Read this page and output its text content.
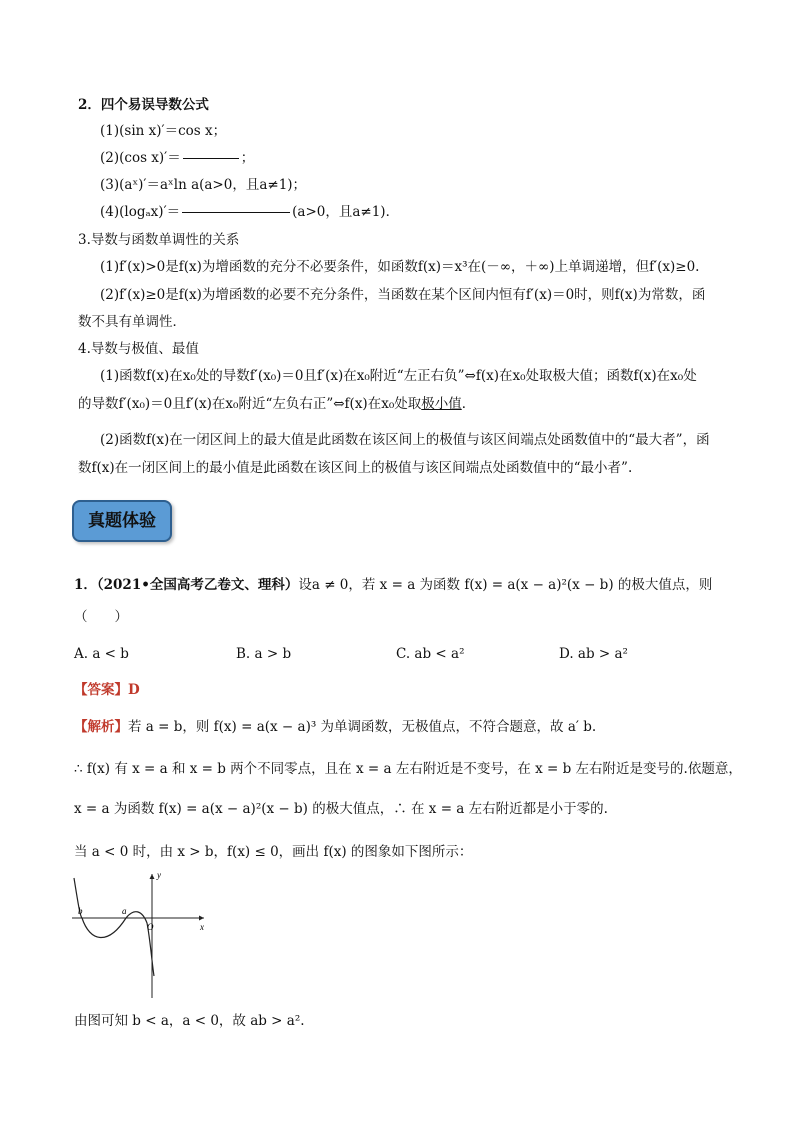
2．四个易误导数公式
(1)(sin x)′＝cos x；
(2)(cos x)′＝	；
(3)(aˣ)′＝aˣln a(a>0，且a≠1)；
(4)(logₐx)′＝	(a>0，且a≠1)．
3.导数与函数单调性的关系
(1)f′(x)>0是f(x)为增函数的充分不必要条件，如函数f(x)＝x³在(－∞，＋∞)上单调递增，但f′(x)≥0.
(2)f′(x)≥0是f(x)为增函数的必要不充分条件，当函数在某个区间内恒有f′(x)＝0时，则f(x)为常数，函
数不具有单调性．
4.导数与极值、最值
(1)函数f(x)在x₀处的导数f′(x₀)＝0且f′(x)在x₀附近“左正右负”⇔f(x)在x₀处取极大值；函数f(x)在x₀处
的导数f′(x₀)＝0且f′(x)在x₀附近“左负右正”⇔f(x)在x₀处取极小值．
(2)函数f(x)在一闭区间上的最大值是此函数在该区间上的极值与该区间端点处函数值中的“最大者”，函
数f(x)在一闭区间上的最小值是此函数在该区间上的极值与该区间端点处函数值中的“最小者”.
真题体验
1．（2021•全国高考乙卷文、理科）设a ≠ 0，若 x = a 为函数 f(x) = a(x − a)²(x − b) 的极大值点，则
（　　）
A. a < b	B. a > b	C. ab < a²	D. ab > a²
【答案】D
【解析】若 a = b，则 f(x) = a(x − a)³ 为单调函数，无极值点，不符合题意，故 a′ b.
∴ f(x) 有 x = a 和 x = b 两个不同零点，且在 x = a 左右附近是不变号，在 x = b 左右附近是变号的.依题意，
x = a 为函数 f(x) = a(x − a)²(x − b) 的极大值点，∴ 在 x = a 左右附近都是小于零的.
当 a < 0 时，由 x > b，f(x) ≤ 0，画出 f(x) 的图象如下图所示：
x
y
O
a
b
由图可知 b < a，a < 0，故 ab > a².
